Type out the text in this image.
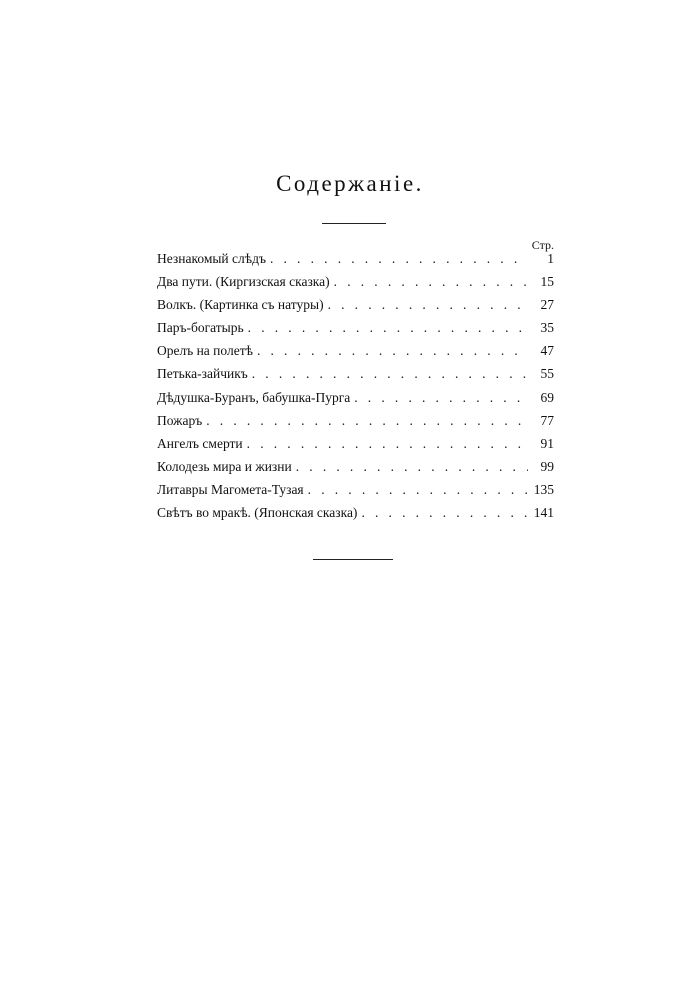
Содержаніе.
Стр.
Незнакомый слѣдъ . . .	1
Два пути. (Киргизская сказка) . . .	15
Волкъ. (Картинка съ натуры) . . .	27
Паръ-богатырь . . .	35
Орелъ на полетѣ . . .	47
Петька-зайчикъ . . .	55
Дѣдушка-Буранъ, бабушка-Пурга . . .	69
Пожаръ . . .	77
Ангелъ смерти . . .	91
Колодезь мира и жизни . . .	99
Литавры Магомета-Тузая . . .	135
Свѣтъ во мракѣ. (Японская сказка) . . .	141
